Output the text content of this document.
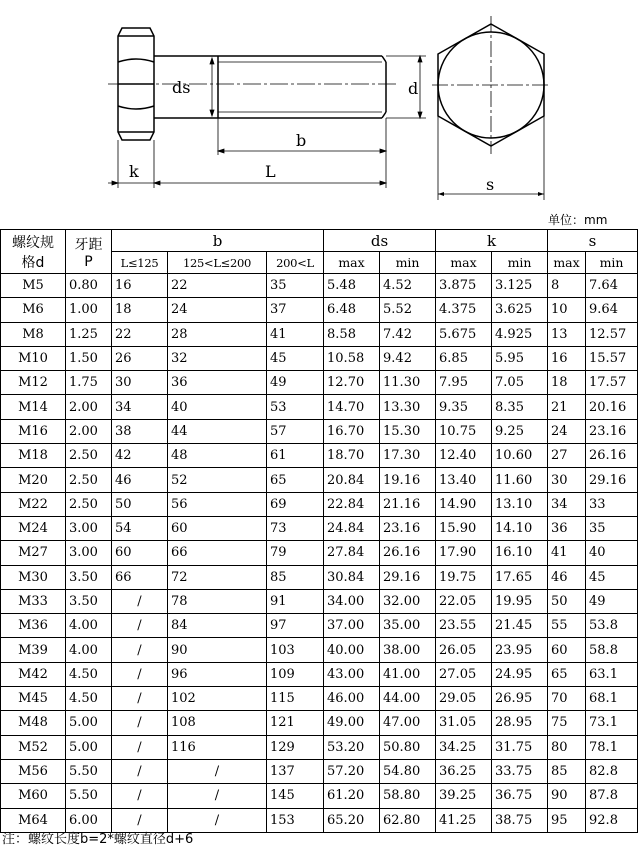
ds	d
b
k	L
s
单位：mm
螺纹规
格d	牙距
P	b			ds		k		s	
		L≤125	125<L≤200	200<L	max	min	max	min	max	min
M5	0.80	16	22	35	5.48	4.52	3.875	3.125	8	7.64
M6	1.00	18	24	37	6.48	5.52	4.375	3.625	10	9.64
M8	1.25	22	28	41	8.58	7.42	5.675	4.925	13	12.57
M10	1.50	26	32	45	10.58	9.42	6.85	5.95	16	15.57
M12	1.75	30	36	49	12.70	11.30	7.95	7.05	18	17.57
M14	2.00	34	40	53	14.70	13.30	9.35	8.35	21	20.16
M16	2.00	38	44	57	16.70	15.30	10.75	9.25	24	23.16
M18	2.50	42	48	61	18.70	17.30	12.40	10.60	27	26.16
M20	2.50	46	52	65	20.84	19.16	13.40	11.60	30	29.16
M22	2.50	50	56	69	22.84	21.16	14.90	13.10	34	33
M24	3.00	54	60	73	24.84	23.16	15.90	14.10	36	35
M27	3.00	60	66	79	27.84	26.16	17.90	16.10	41	40
M30	3.50	66	72	85	30.84	29.16	19.75	17.65	46	45
M33	3.50	/	78	91	34.00	32.00	22.05	19.95	50	49
M36	4.00	/	84	97	37.00	35.00	23.55	21.45	55	53.8
M39	4.00	/	90	103	40.00	38.00	26.05	23.95	60	58.8
M42	4.50	/	96	109	43.00	41.00	27.05	24.95	65	63.1
M45	4.50	/	102	115	46.00	44.00	29.05	26.95	70	68.1
M48	5.00	/	108	121	49.00	47.00	31.05	28.95	75	73.1
M52	5.00	/	116	129	53.20	50.80	34.25	31.75	80	78.1
M56	5.50	/	/	137	57.20	54.80	36.25	33.75	85	82.8
M60	5.50	/	/	145	61.20	58.80	39.25	36.75	90	87.8
M64	6.00	/	/	153	65.20	62.80	41.25	38.75	95	92.8
注：螺纹长度b=2*螺纹直径d+6
